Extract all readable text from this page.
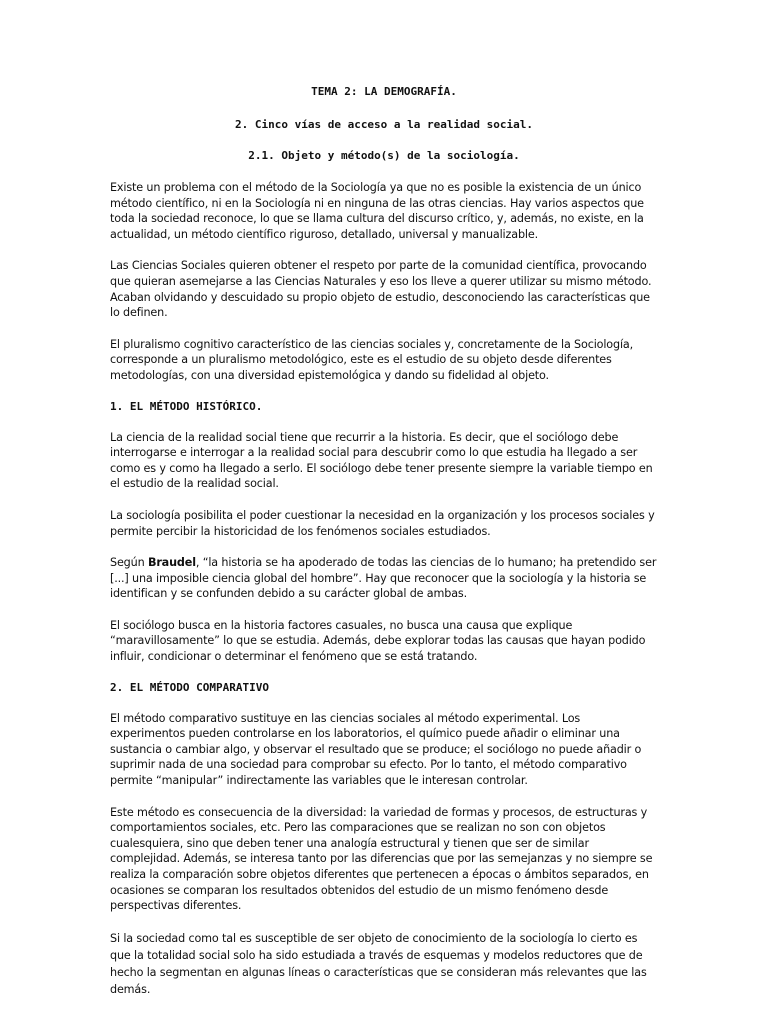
TEMA 2: LA DEMOGRAFÍA.
2. Cinco vías de acceso a la realidad social.
2.1. Objeto y método(s) de la sociología.

Existe un problema con el método de la Sociología ya que no es posible la existencia de un único método científico, ni en la Sociología ni en ninguna de las otras ciencias. Hay varios aspectos que toda la sociedad reconoce, lo que se llama cultura del discurso crítico, y, además, no existe, en la actualidad, un método científico riguroso, detallado, universal y manualizable.

Las Ciencias Sociales quieren obtener el respeto por parte de la comunidad científica, provocando que quieran asemejarse a las Ciencias Naturales y eso los lleve a querer utilizar su mismo método. Acaban olvidando y descuidado su propio objeto de estudio, desconociendo las características que lo definen.

El pluralismo cognitivo característico de las ciencias sociales y, concretamente de la Sociología, corresponde a un pluralismo metodológico, este es el estudio de su objeto desde diferentes metodologías, con una diversidad epistemológica y dando su fidelidad al objeto.

1. EL MÉTODO HISTÓRICO.

La ciencia de la realidad social tiene que recurrir a la historia. Es decir, que el sociólogo debe interrogarse e interrogar a la realidad social para descubrir como lo que estudia ha llegado a ser como es y como ha llegado a serlo. El sociólogo debe tener presente siempre la variable tiempo en el estudio de la realidad social.

La sociología posibilita el poder cuestionar la necesidad en la organización y los procesos sociales y permite percibir la historicidad de los fenómenos sociales estudiados.

Según Braudel, “la historia se ha apoderado de todas las ciencias de lo humano; ha pretendido ser [...] una imposible ciencia global del hombre”. Hay que reconocer que la sociología y la historia se identifican y se confunden debido a su carácter global de ambas.

El sociólogo busca en la historia factores casuales, no busca una causa que explique “maravillosamente” lo que se estudia. Además, debe explorar todas las causas que hayan podido influir, condicionar o determinar el fenómeno que se está tratando.

2. EL MÉTODO COMPARATIVO

El método comparativo sustituye en las ciencias sociales al método experimental. Los experimentos pueden controlarse en los laboratorios, el químico puede añadir o eliminar una sustancia o cambiar algo, y observar el resultado que se produce; el sociólogo no puede añadir o suprimir nada de una sociedad para comprobar su efecto. Por lo tanto, el método comparativo permite “manipular” indirectamente las variables que le interesan controlar.

Este método es consecuencia de la diversidad: la variedad de formas y procesos, de estructuras y comportamientos sociales, etc. Pero las comparaciones que se realizan no son con objetos cualesquiera, sino que deben tener una analogía estructural y tienen que ser de similar complejidad. Además, se interesa tanto por las diferencias que por las semejanzas y no siempre se realiza la comparación sobre objetos diferentes que pertenecen a épocas o ámbitos separados, en ocasiones se comparan los resultados obtenidos del estudio de un mismo fenómeno desde perspectivas diferentes.

Si la sociedad como tal es susceptible de ser objeto de conocimiento de la sociología lo cierto es que la totalidad social solo ha sido estudiada a través de esquemas y modelos reductores que de hecho la segmentan en algunas líneas o características que se consideran más relevantes que las demás.
